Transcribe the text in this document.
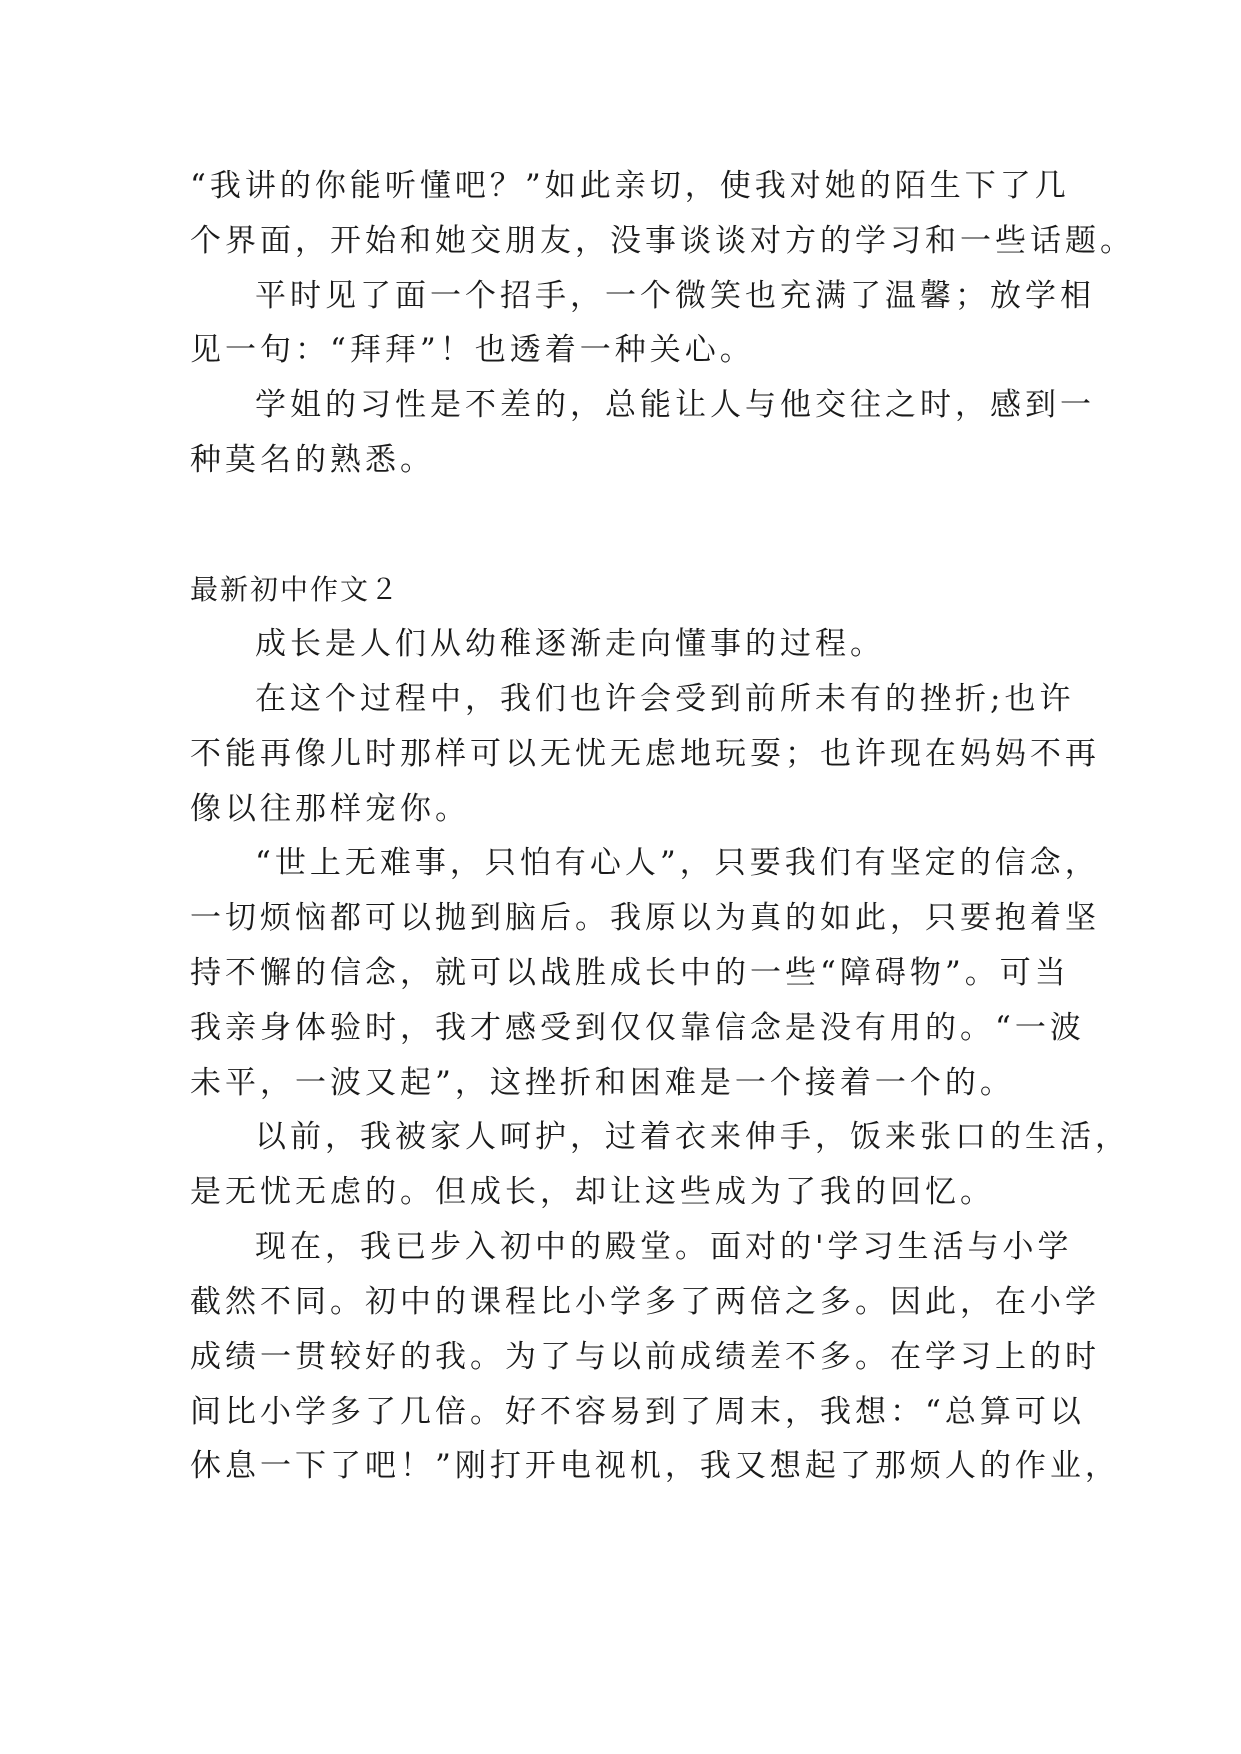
“我讲的你能听懂吧？”如此亲切，使我对她的陌生下了几
个界面，开始和她交朋友，没事谈谈对方的学习和一些话题。
平时见了面一个招手，一个微笑也充满了温馨；放学相
见一句：“拜拜”！也透着一种关心。
学姐的习性是不差的，总能让人与他交往之时，感到一
种莫名的熟悉。
最新初中作文２
成长是人们从幼稚逐渐走向懂事的过程。
在这个过程中，我们也许会受到前所未有的挫折;也许
不能再像儿时那样可以无忧无虑地玩耍；也许现在妈妈不再
像以往那样宠你。
“世上无难事，只怕有心人”，只要我们有坚定的信念，
一切烦恼都可以抛到脑后。我原以为真的如此，只要抱着坚
持不懈的信念，就可以战胜成长中的一些“障碍物”。可当
我亲身体验时，我才感受到仅仅靠信念是没有用的。“一波
未平，一波又起”，这挫折和困难是一个接着一个的。
以前，我被家人呵护，过着衣来伸手，饭来张口的生活，
是无忧无虑的。但成长，却让这些成为了我的回忆。
现在，我已步入初中的殿堂。面对的'学习生活与小学
截然不同。初中的课程比小学多了两倍之多。因此，在小学
成绩一贯较好的我。为了与以前成绩差不多。在学习上的时
间比小学多了几倍。好不容易到了周末，我想：“总算可以
休息一下了吧！”刚打开电视机，我又想起了那烦人的作业，
